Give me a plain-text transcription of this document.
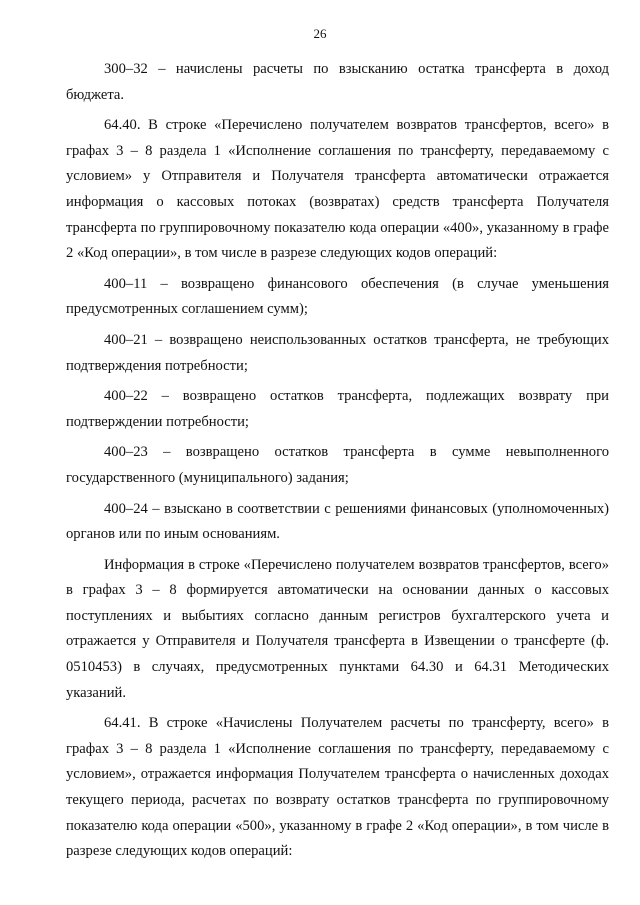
26

300–32 – начислены расчеты по взысканию остатка трансферта в доход бюджета.

64.40. В строке «Перечислено получателем возвратов трансфертов, всего» в графах 3 – 8 раздела 1 «Исполнение соглашения по трансферту, передаваемому с условием» у Отправителя и Получателя трансферта автоматически отражается информация о кассовых потоках (возвратах) средств трансферта Получателя трансферта по группировочному показателю кода операции «400», указанному в графе 2 «Код операции», в том числе в разрезе следующих кодов операций:

400–11 – возвращено финансового обеспечения (в случае уменьшения предусмотренных соглашением сумм);

400–21 – возвращено неиспользованных остатков трансферта, не требующих подтверждения потребности;

400–22 – возвращено остатков трансферта, подлежащих возврату при подтверждении потребности;

400–23 – возвращено остатков трансферта в сумме невыполненного государственного (муниципального) задания;

400–24 – взыскано в соответствии с решениями финансовых (уполномоченных) органов или по иным основаниям.

Информация в строке «Перечислено получателем возвратов трансфертов, всего» в графах 3 – 8 формируется автоматически на основании данных о кассовых поступлениях и выбытиях согласно данным регистров бухгалтерского учета и отражается у Отправителя и Получателя трансферта в Извещении о трансферте (ф. 0510453) в случаях, предусмотренных пунктами 64.30 и 64.31 Методических указаний.

64.41. В строке «Начислены Получателем расчеты по трансферту, всего» в графах 3 – 8 раздела 1 «Исполнение соглашения по трансферту, передаваемому с условием», отражается информация Получателем трансферта о начисленных доходах текущего периода, расчетах по возврату остатков трансферта по группировочному показателю кода операции «500», указанному в графе 2 «Код операции», в том числе в разрезе следующих кодов операций:
